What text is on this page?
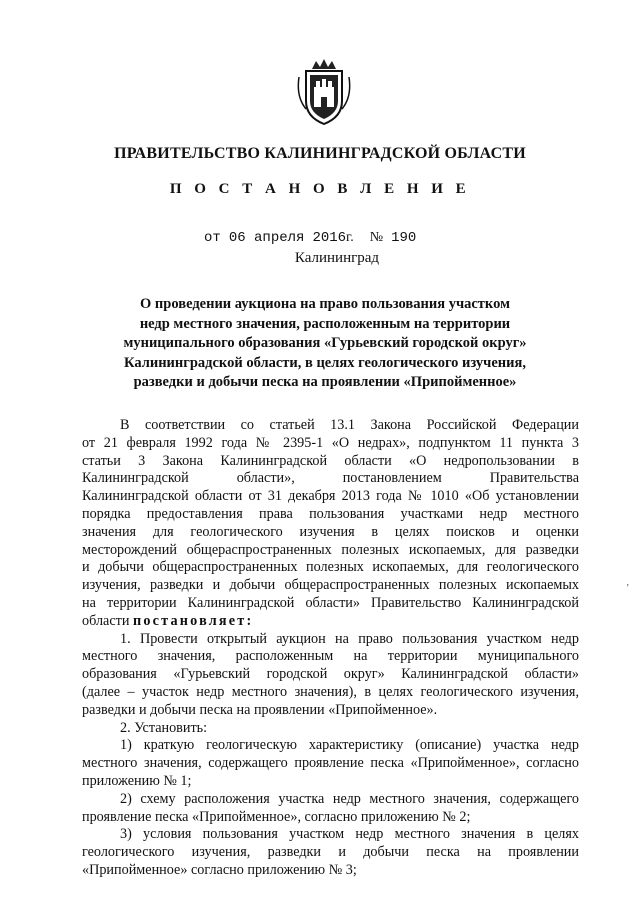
ПРАВИТЕЛЬСТВО КАЛИНИНГРАДСКОЙ ОБЛАСТИ
П О С Т А Н О В Л Е Н И Е
от 06 апреля 2016г. № 190
Калининград
О проведении аукциона на право пользования участком
недр местного значения, расположенным на территории
муниципального образования «Гурьевский городской округ»
Калининградской области, в целях геологического изучения,
разведки и добычи песка на проявлении «Припойменное»
В соответствии со статьей 13.1 Закона Российской Федерации
от 21 февраля 1992 года № 2395-1 «О недрах», подпунктом 11 пункта 3
статьи 3 Закона Калининградской области «О недропользовании в
Калининградской области», постановлением Правительства
Калининградской области от 31 декабря 2013 года № 1010 «Об установлении
порядка предоставления права пользования участками недр местного
значения для геологического изучения в целях поисков и оценки
месторождений общераспространенных полезных ископаемых, для разведки
и добычи общераспространенных полезных ископаемых, для геологического
изучения, разведки и добычи общераспространенных полезных ископаемых
на территории Калининградской области» Правительство Калининградской
области постановляет:
1. Провести открытый аукцион на право пользования участком недр
местного значения, расположенным на территории муниципального
образования «Гурьевский городской округ» Калининградской области»
(далее – участок недр местного значения), в целях геологического изучения,
разведки и добычи песка на проявлении «Припойменное».
2. Установить:
1) краткую геологическую характеристику (описание) участка недр
местного значения, содержащего проявление песка «Припойменное», согласно
приложению № 1;
2) схему расположения участка недр местного значения, содержащего
проявление песка «Припойменное», согласно приложению № 2;
3) условия пользования участком недр местного значения в целях
геологического изучения, разведки и добычи песка на проявлении
«Припойменное» согласно приложению № 3;
ʼ
